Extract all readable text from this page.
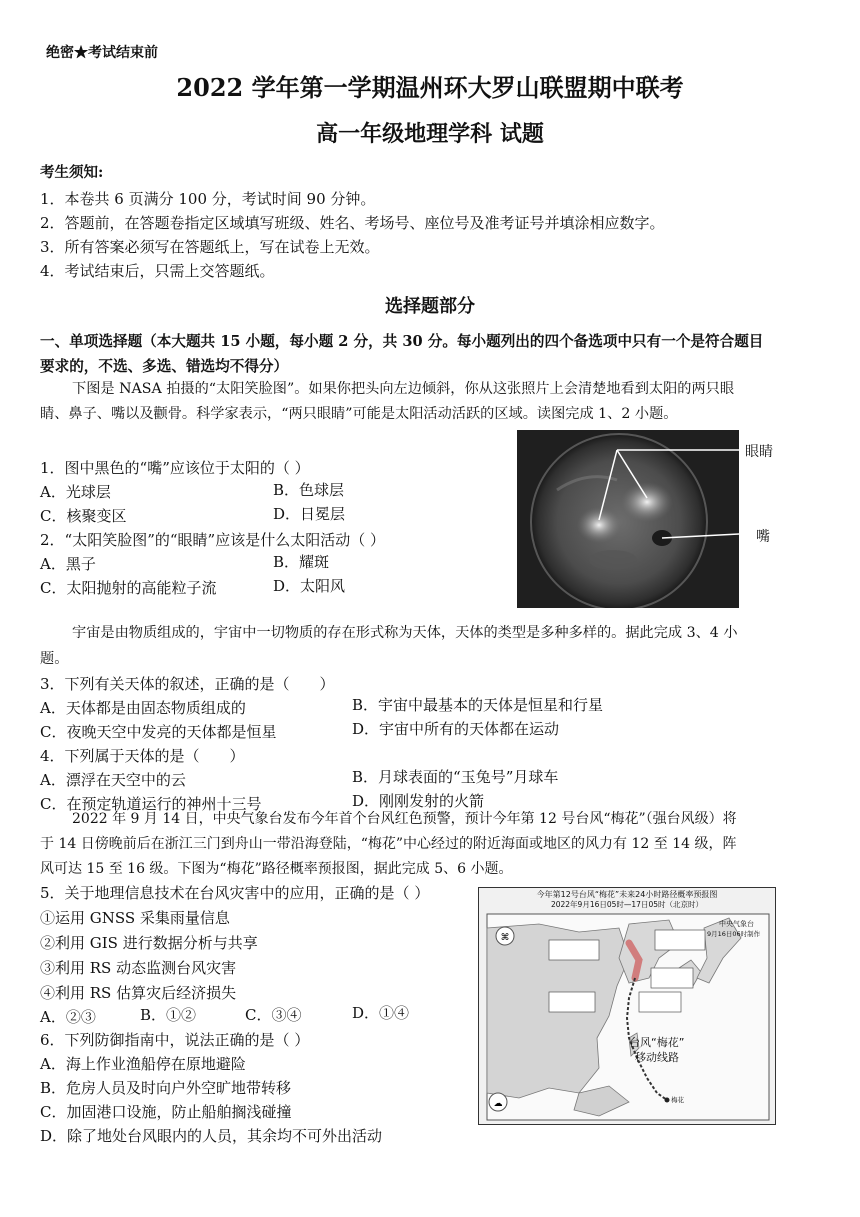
绝密★考试结束前
2022 学年第一学期温州环大罗山联盟期中联考
高一年级地理学科 试题
考生须知:
1．本卷共 6 页满分 100 分，考试时间 90 分钟。
2．答题前，在答题卷指定区域填写班级、姓名、考场号、座位号及准考证号并填涂相应数字。
3．所有答案必须写在答题纸上，写在试卷上无效。
4．考试结束后，只需上交答题纸。
选择题部分
一、单项选择题（本大题共 15 小题，每小题 2 分，共 30 分。每小题列出的四个备选项中只有一个是符合题目
要求的，不选、多选、错选均不得分）
下图是 NASA 拍摄的“太阳笑脸图”。如果你把头向左边倾斜，你从这张照片上会清楚地看到太阳的两只眼
睛、鼻子、嘴以及颧骨。科学家表示，“两只眼睛”可能是太阳活动活跃的区域。读图完成 1、2 小题。
眼睛
嘴
1．图中黑色的“嘴”应该位于太阳的（ ）
A．光球层	B．色球层
C．核聚变区	D．日冕层
2．“太阳笑脸图”的“眼睛”应该是什么太阳活动（ ）
A．黑子	B．耀斑
C．太阳抛射的高能粒子流	D．太阳风
宇宙是由物质组成的，宇宙中一切物质的存在形式称为天体，天体的类型是多种多样的。据此完成 3、4 小
题。
3．下列有关天体的叙述，正确的是（　　）
A．天体都是由固态物质组成的	B．宇宙中最基本的天体是恒星和行星
C．夜晚天空中发亮的天体都是恒星	D．宇宙中所有的天体都在运动
4．下列属于天体的是（　　）
A．漂浮在天空中的云	B．月球表面的“玉兔号”月球车
C．在预定轨道运行的神州十三号	D．刚刚发射的火箭
2022 年 9 月 14 日，中央气象台发布今年首个台风红色预警，预计今年第 12 号台风“梅花”（强台风级）将
于 14 日傍晚前后在浙江三门到舟山一带沿海登陆，“梅花”中心经过的附近海面或地区的风力有 12 至 14 级，阵
风可达 15 至 16 级。下图为“梅花”路径概率预报图，据此完成 5、6 小题。
5．关于地理信息技术在台风灾害中的应用，正确的是（ ）
①运用 GNSS 采集雨量信息
②利用 GIS 进行数据分析与共享
③利用 RS 动态监测台风灾害
④利用 RS 估算灾后经济损失
A．②③	B．①②	C．③④	D．①④
6．下列防御指南中，说法正确的是（ ）
A．海上作业渔船停在原地避险
B．危房人员及时向户外空旷地带转移
C．加固港口设施，防止船舶搁浅碰撞
D．除了地处台风眼内的人员，其余均不可外出活动
⌘
☁
今年第12号台风“梅花”未来24小时路径概率预报图
2022年9月16日05时—17日05时（北京时）
中央气象台
9月16日06时制作
台风“梅花”
移动线路
梅花
